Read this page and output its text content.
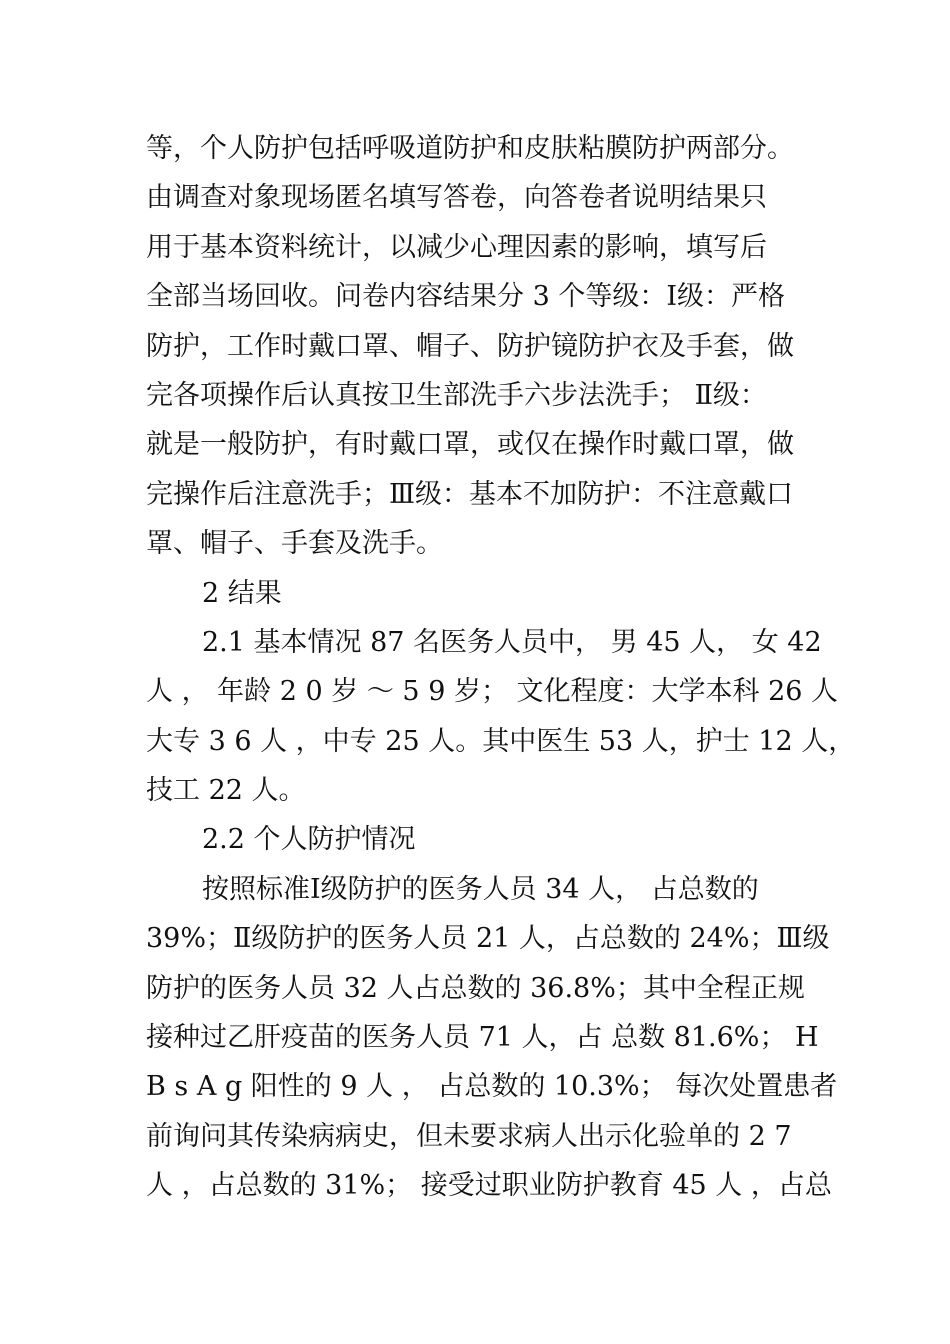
等，个人防护包括呼吸道防护和皮肤粘膜防护两部分。
由调查对象现场匿名填写答卷，向答卷者说明结果只
用于基本资料统计，以减少心理因素的影响，填写后
全部当场回收。问卷内容结果分 3 个等级：Ⅰ级：严格
防护，工作时戴口罩、帽子、防护镜防护衣及手套，做
完各项操作后认真按卫生部洗手六步法洗手； Ⅱ级：
就是一般防护，有时戴口罩，或仅在操作时戴口罩，做
完操作后注意洗手；Ⅲ级：基本不加防护：不注意戴口
罩、帽子、手套及洗手。
2 结果
2.1 基本情况 87 名医务人员中， 男 45 人， 女 42
人 ， 年龄 2 0 岁 ～ 5 9 岁； 文化程度：大学本科 26 人
大专 3 6 人 ，中专 25 人。其中医生 53 人，护士 12 人，
技工 22 人。
2.2 个人防护情况
按照标准Ⅰ级防护的医务人员 34 人， 占总数的
39%；Ⅱ级防护的医务人员 21 人，占总数的 24%；Ⅲ级
防护的医务人员 32 人占总数的 36.8%；其中全程正规
接种过乙肝疫苗的医务人员 71 人，占 总数 81.6%； H
B s A g 阳性的 9 人 ， 占总数的 10.3%； 每次处置患者
前询问其传染病病史，但未要求病人出示化验单的 2 7
人 ，占总数的 31%； 接受过职业防护教育 45 人 ，占总
